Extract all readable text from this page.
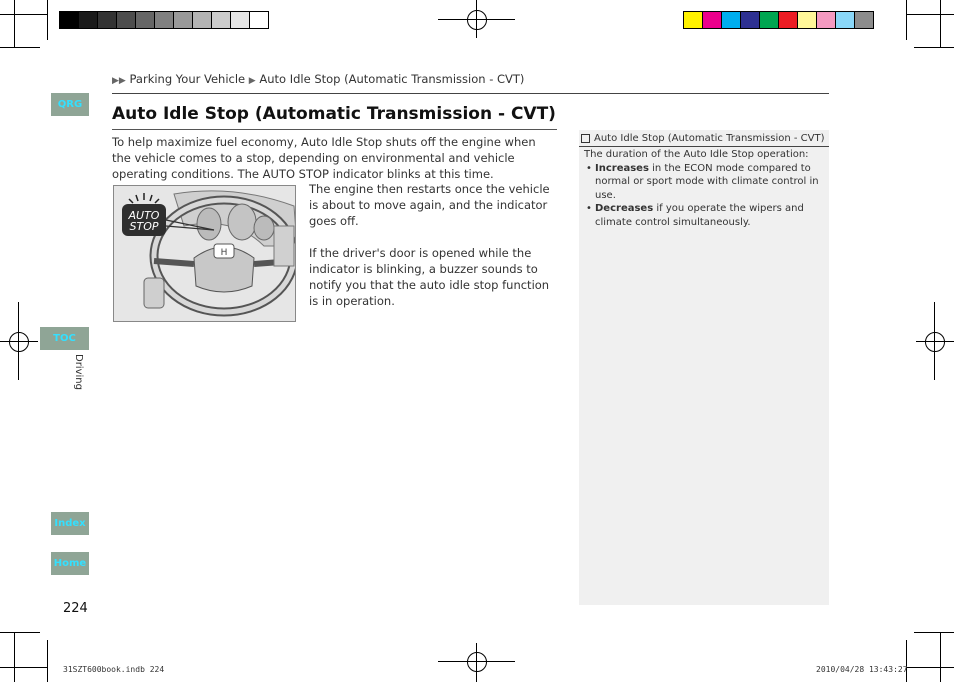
QRG
TOC
Index
Home
Driving
▶▶ Parking Your Vehicle ▶ Auto Idle Stop (Automatic Transmission - CVT)
Auto Idle Stop (Automatic Transmission - CVT)
To help maximize fuel economy, Auto Idle Stop shuts off the engine when the vehicle comes to a stop, depending on environmental and vehicle operating conditions. The AUTO STOP indicator blinks at this time.
H
AUTO
STOP

The engine then restarts once the vehicle is about to move again, and the indicator goes off.

If the driver's door is opened while the indicator is blinking, a buzzer sounds to notify you that the auto idle stop function is in operation.

Auto Idle Stop (Automatic Transmission - CVT)
The duration of the Auto Idle Stop operation:
• Increases in the ECON mode compared to normal or sport mode with climate control in use.
• Decreases if you operate the wipers and climate control simultaneously.
224
31SZT600book.indb 224	2010/04/28 13:43:27
